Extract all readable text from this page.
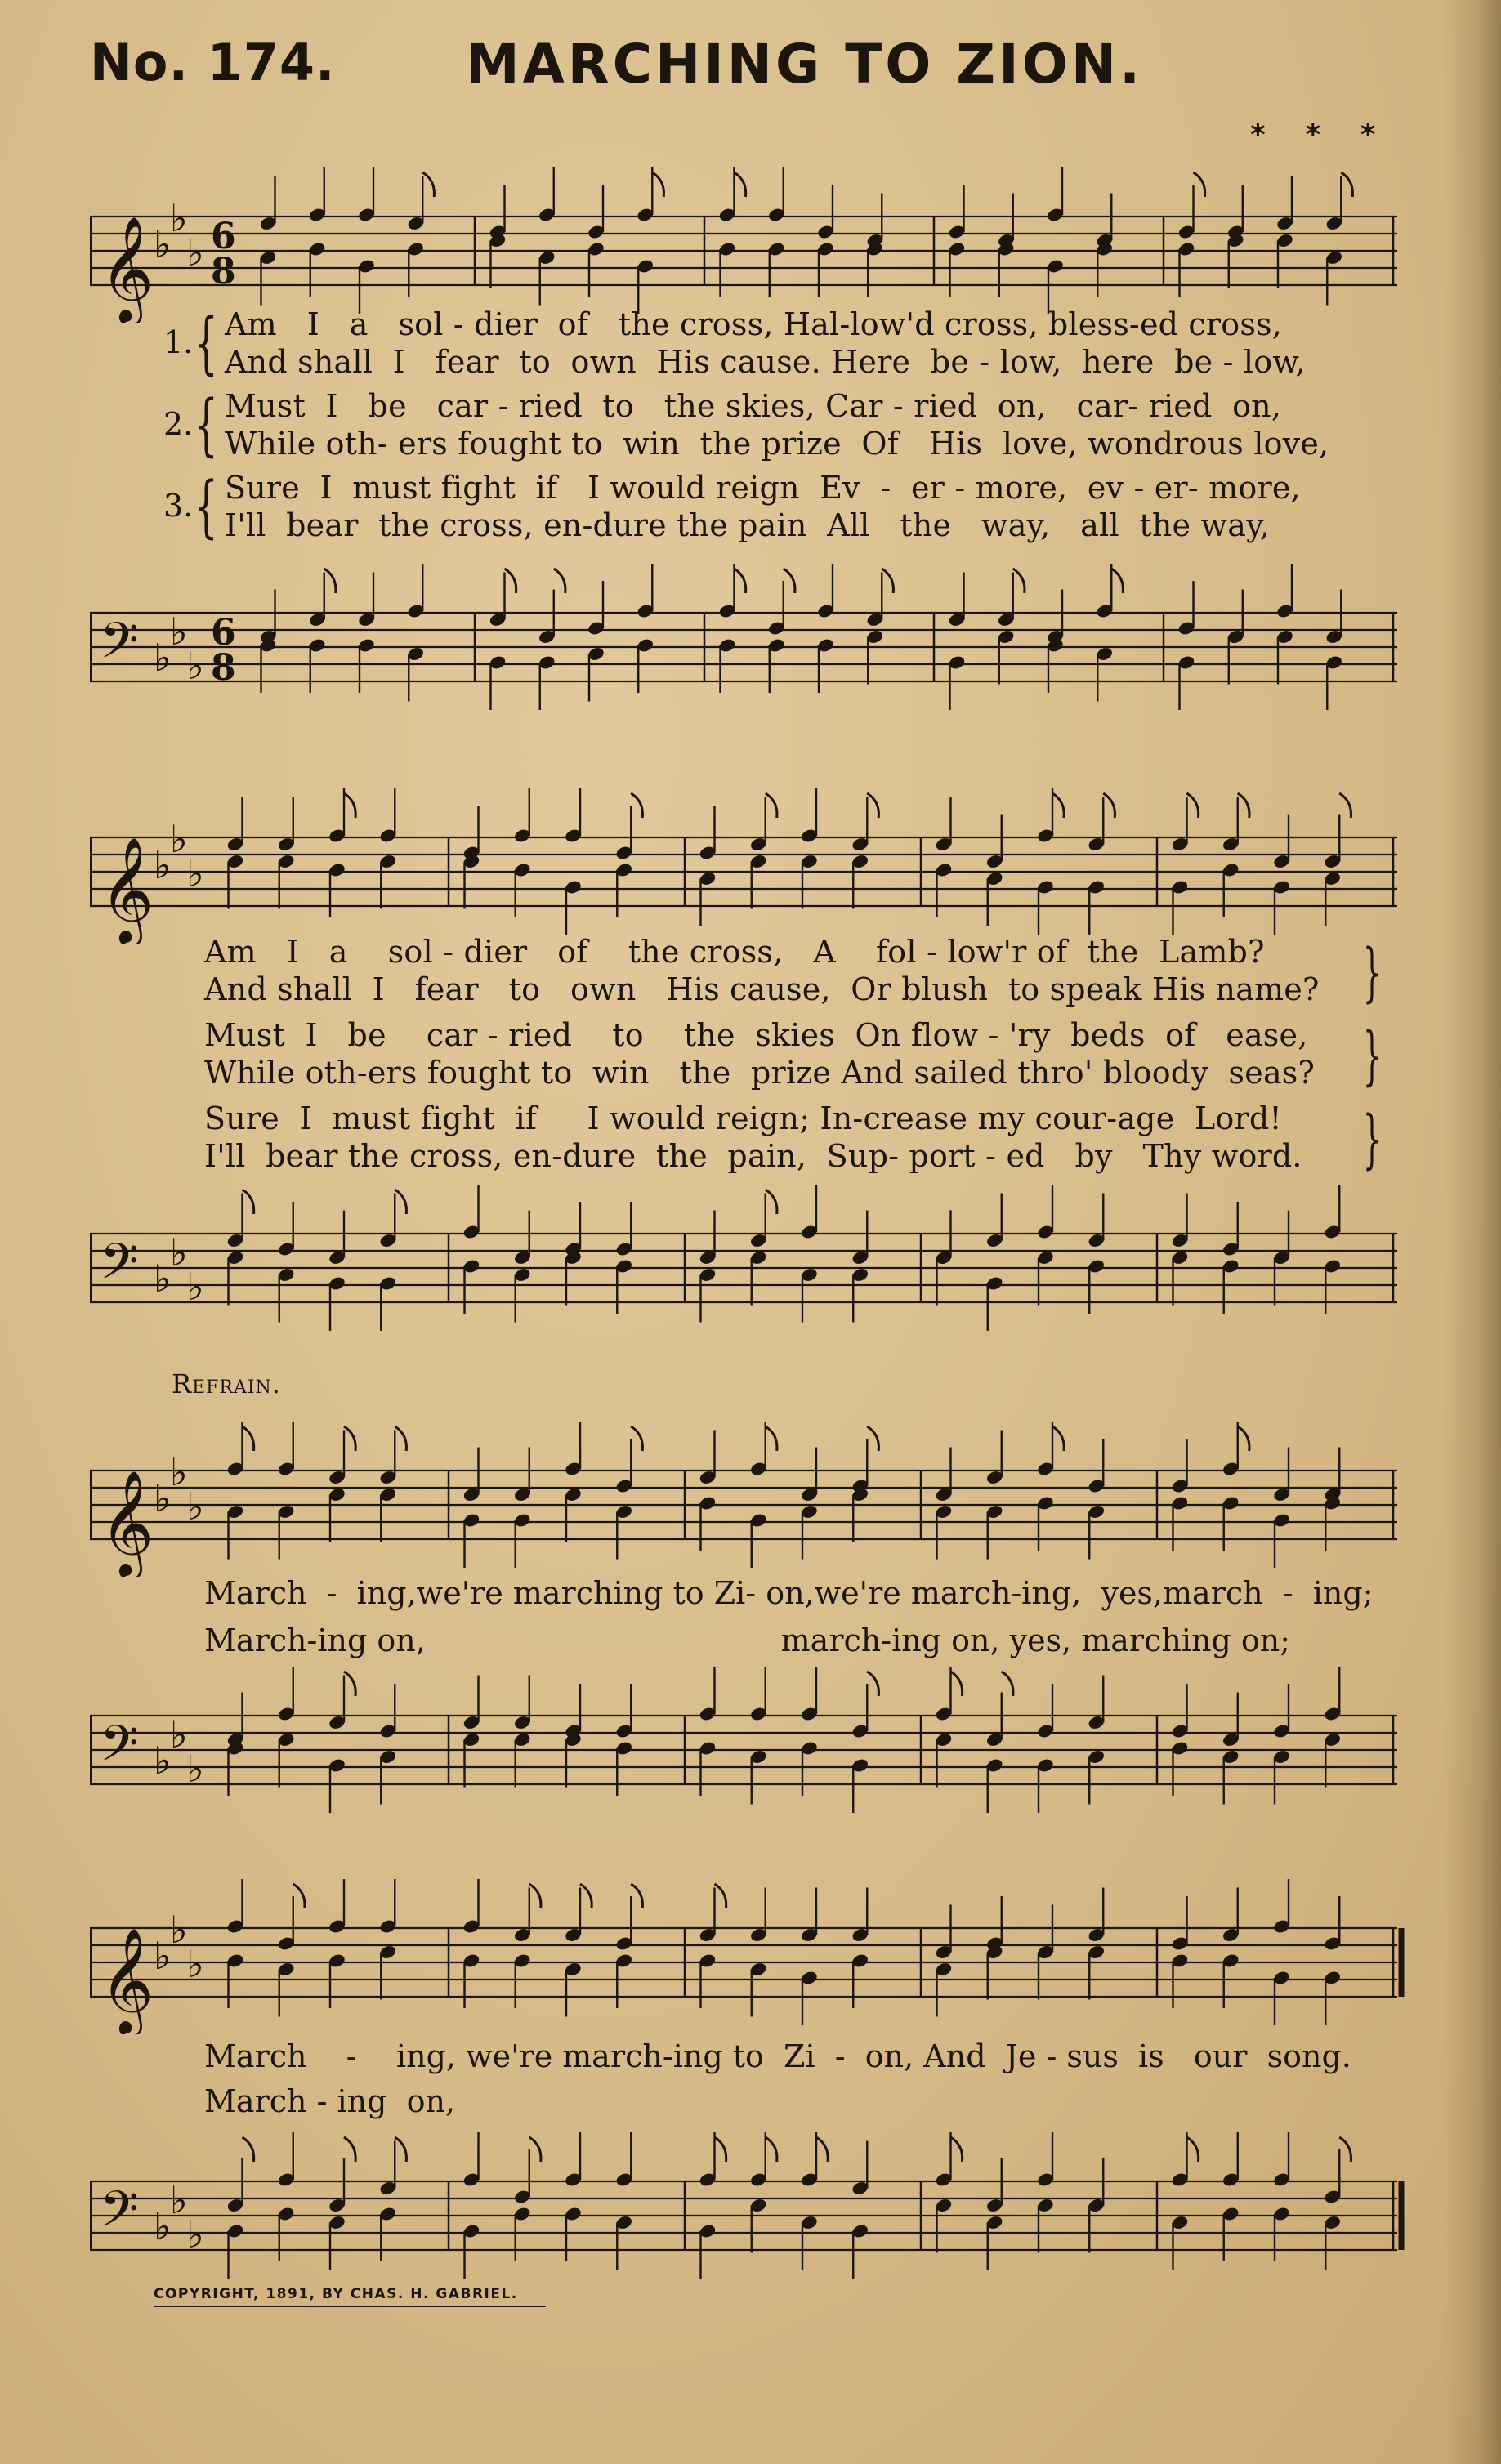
No. 174. MARCHING TO ZION.
* * *
𝄞 ♭
♭
♭ 6
8
1. { Am   I   a   sol - dier  of   the cross, Hal-low'd cross, bless-ed cross,
And shall  I   fear  to  own  His cause. Here  be - low,  here  be - low,
2. { Must  I   be   car - ried  to   the skies, Car - ried  on,   car- ried  on,
While oth- ers fought to  win  the prize  Of   His  love, wondrous love,
3. { Sure  I  must fight  if   I would reign  Ev  -  er - more,  ev - er- more,
I'll  bear  the cross, en-dure the pain  All   the   way,   all  the way,
𝄢 ♭
♭
♭
6
8
𝄞 ♭
♭
♭
Am   I   a    sol - dier   of    the cross,   A    fol - low'r of  the  Lamb?
And shall  I   fear   to   own   His cause,  Or blush  to speak His name? }
Must  I   be    car - ried    to    the  skies  On flow - 'ry  beds  of   ease,
While oth-ers fought to  win   the  prize And sailed thro' bloody  seas? }
Sure  I  must fight  if     I would reign; In-crease my cour-age  Lord!
I'll  bear the cross, en-dure  the  pain,  Sup- port - ed   by   Thy word. }
𝄢 ♭
♭
♭
Refrain.
𝄞 ♭
♭
♭
March  -  ing,we're marching to Zi- on,we're march-ing,  yes,march  -  ing;
March-ing on,                                    march-ing on, yes, marching on;
𝄢 ♭
♭
♭
𝄞 ♭
♭
♭
March    -    ing, we're march-ing to  Zi  -  on, And  Je - sus  is   our  song.
March - ing  on,
𝄢 ♭
♭
♭
COPYRIGHT, 1891, BY CHAS. H. GABRIEL.
